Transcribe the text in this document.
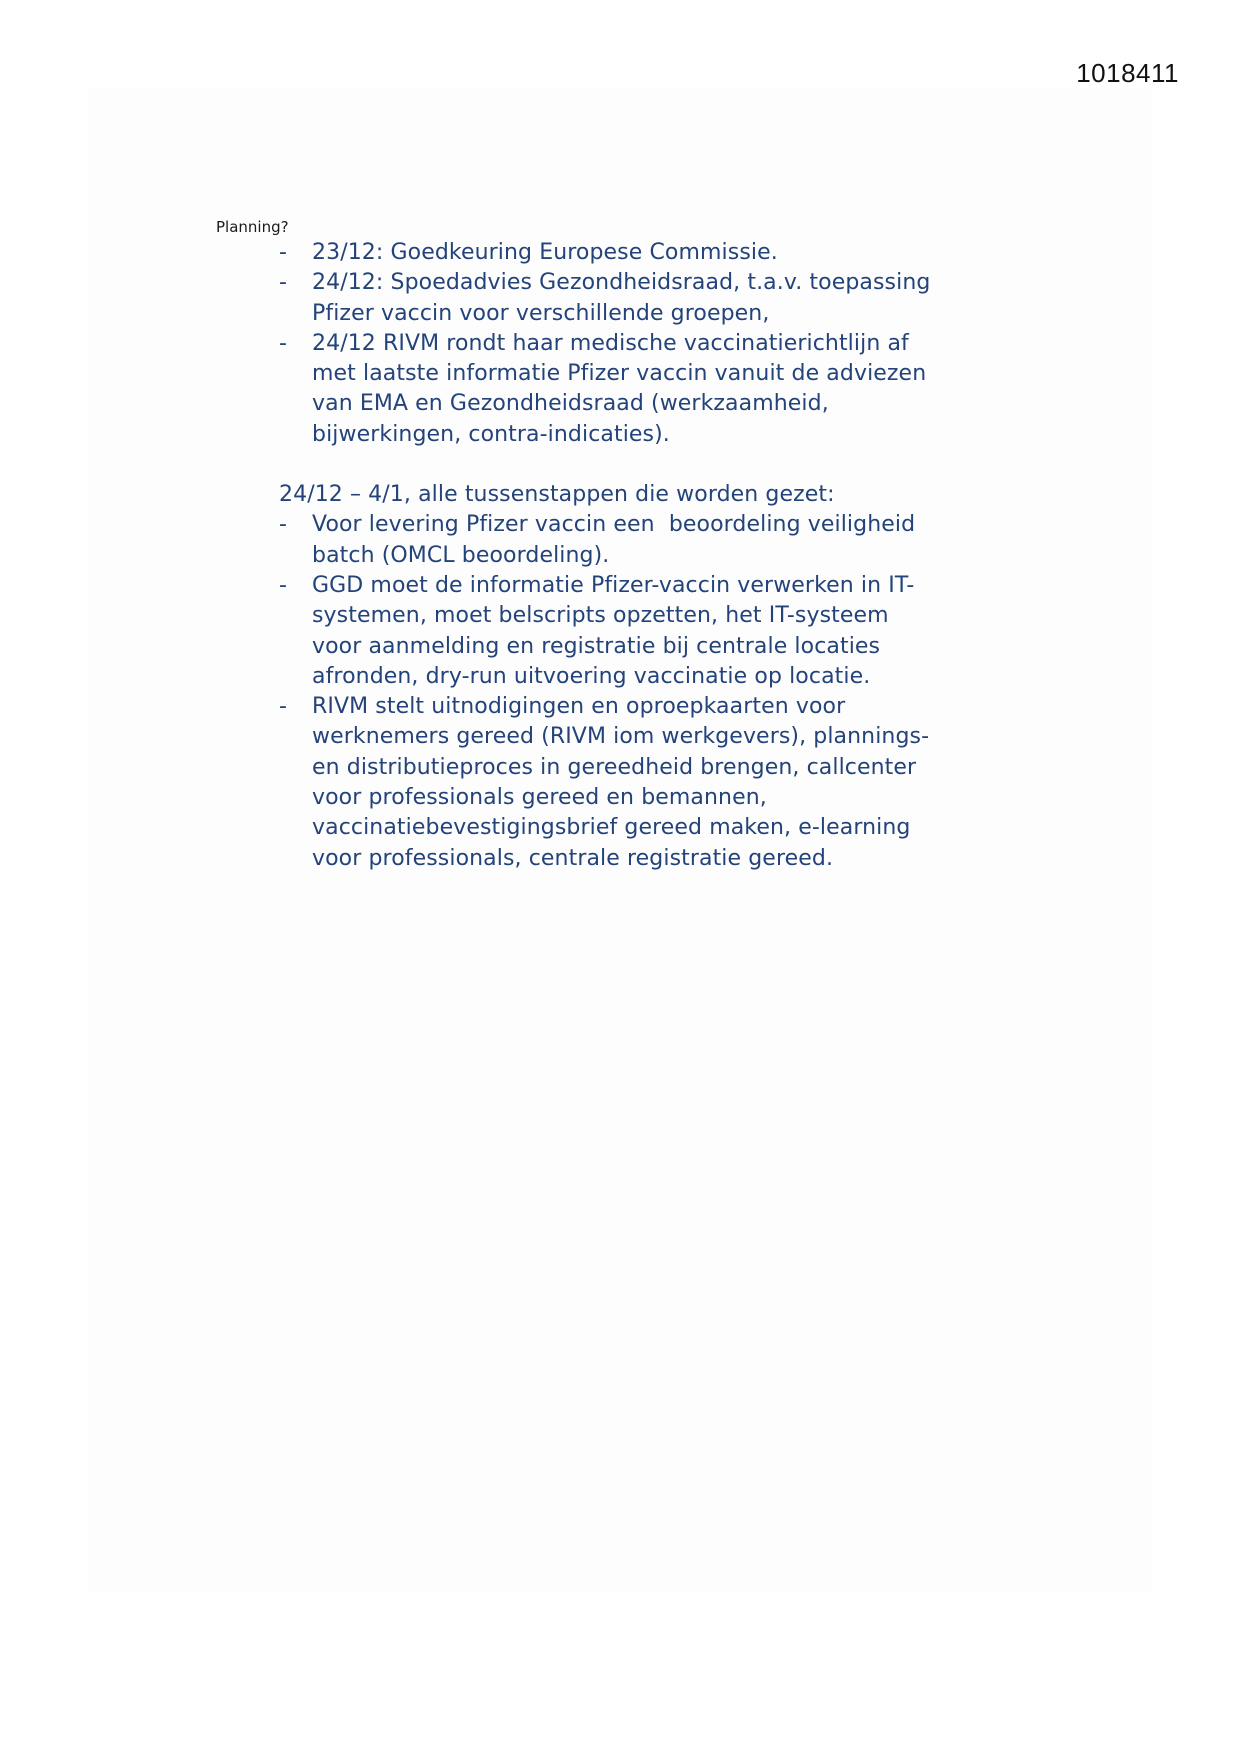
1018411
Planning?
- 23/12: Goedkeuring Europese Commissie.
- 24/12: Spoedadvies Gezondheidsraad, t.a.v. toepassing
Pfizer vaccin voor verschillende groepen,
- 24/12 RIVM rondt haar medische vaccinatierichtlijn af
met laatste informatie Pfizer vaccin vanuit de adviezen
van EMA en Gezondheidsraad (werkzaamheid,
bijwerkingen, contra-indicaties).
24/12 – 4/1, alle tussenstappen die worden gezet:
- Voor levering Pfizer vaccin een  beoordeling veiligheid
batch (OMCL beoordeling).
- GGD moet de informatie Pfizer-vaccin verwerken in IT-
systemen, moet belscripts opzetten, het IT-systeem
voor aanmelding en registratie bij centrale locaties
afronden, dry-run uitvoering vaccinatie op locatie.
- RIVM stelt uitnodigingen en oproepkaarten voor
werknemers gereed (RIVM iom werkgevers), plannings-
en distributieproces in gereedheid brengen, callcenter
voor professionals gereed en bemannen,
vaccinatiebevestigingsbrief gereed maken, e-learning
voor professionals, centrale registratie gereed.
